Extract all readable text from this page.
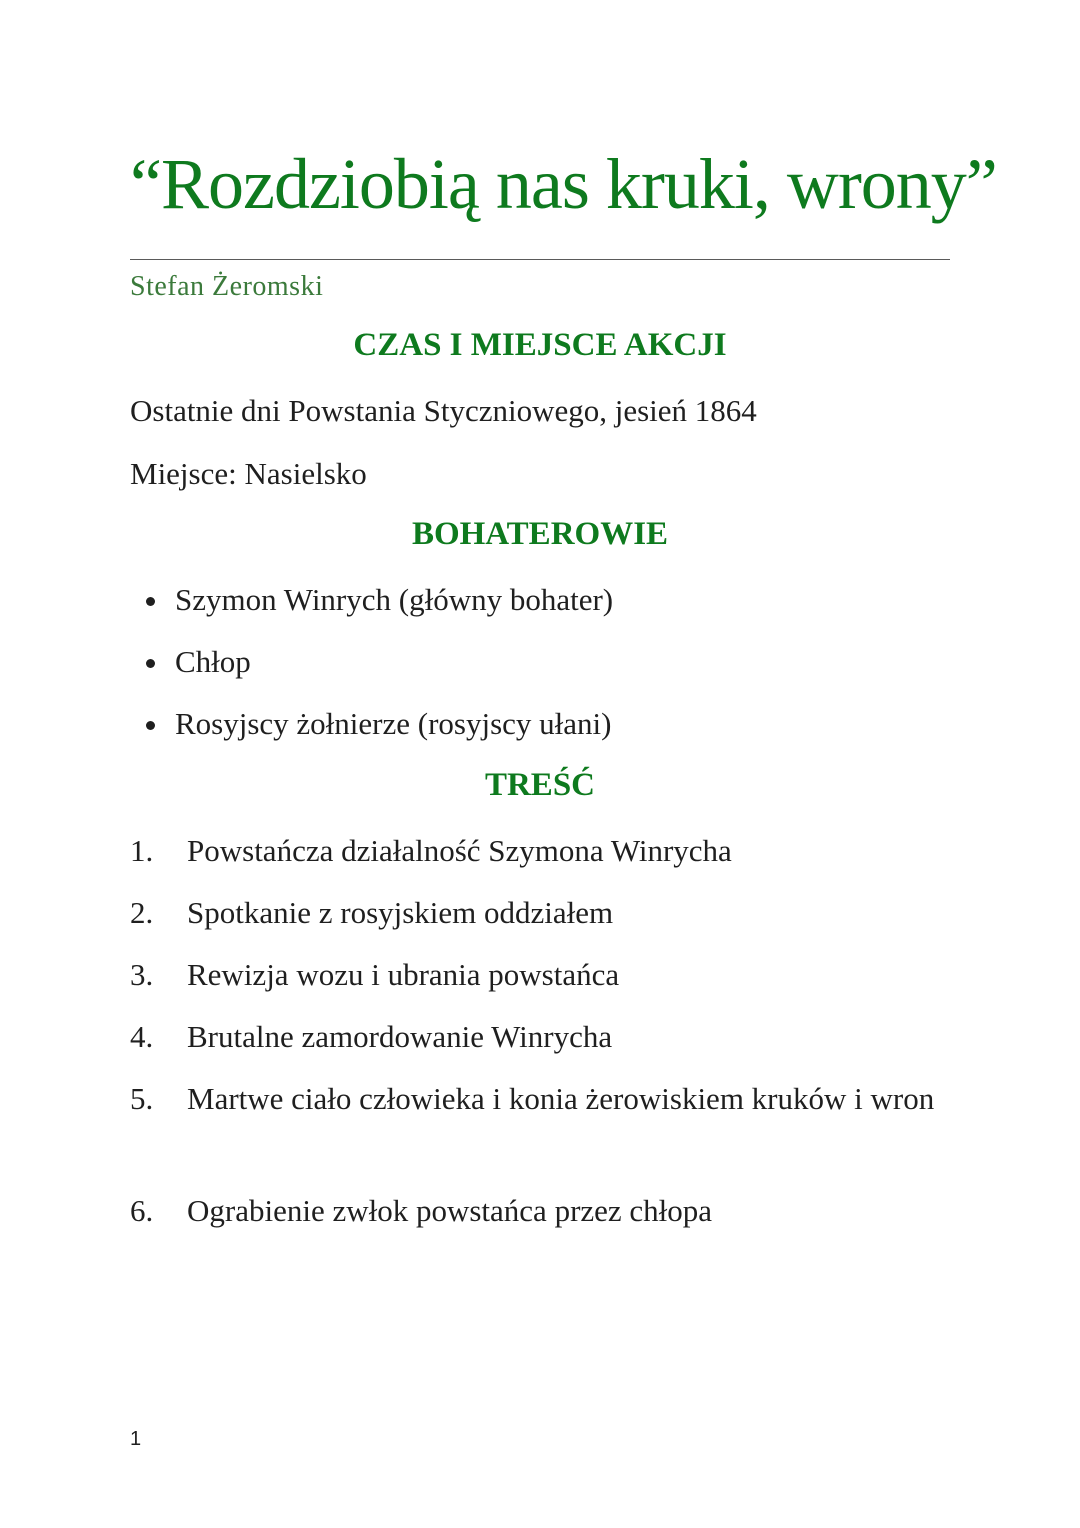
“Rozdziobią nas kruki, wrony”
Stefan Żeromski
CZAS I MIEJSCE AKCJI
Ostatnie dni Powstania Styczniowego, jesień 1864
Miejsce: Nasielsko
BOHATEROWIE
Szymon Winrych (główny bohater)
Chłop
Rosyjscy żołnierze (rosyjscy ułani)
TREŚĆ
1. Powstańcza działalność Szymona Winrycha
2. Spotkanie z rosyjskiem oddziałem
3. Rewizja wozu i ubrania powstańca
4. Brutalne zamordowanie Winrycha
5. Martwe ciało człowieka i konia żerowiskiem kruków i wron
6. Ograbienie zwłok powstańca przez chłopa
1
